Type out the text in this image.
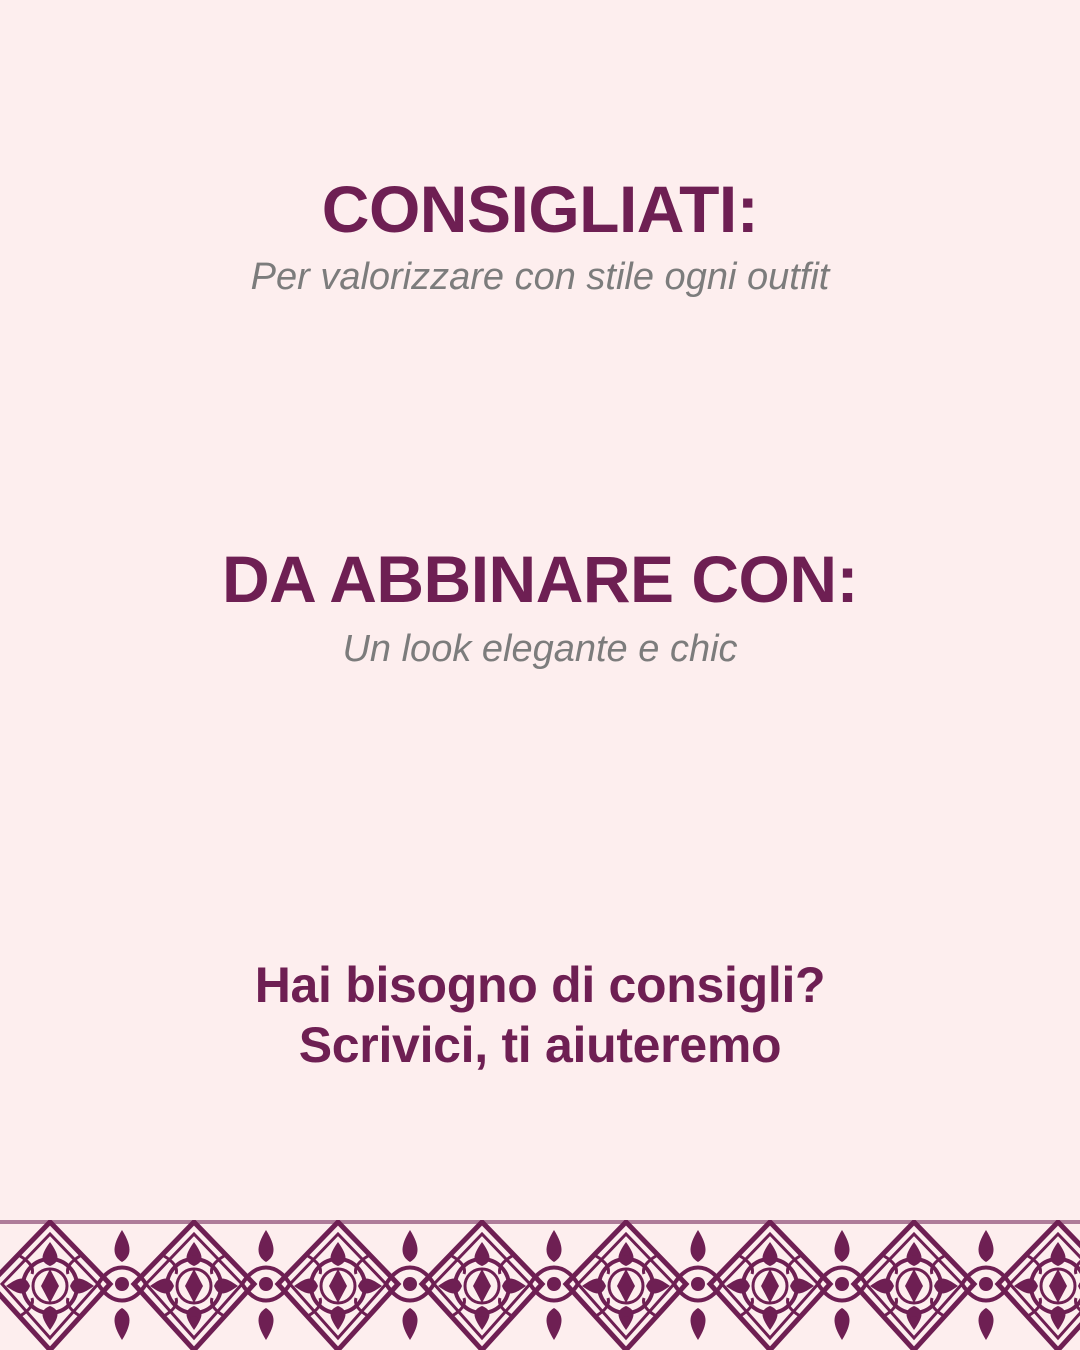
CONSIGLIATI:

Per valorizzare con stile ogni outfit

DA ABBINARE CON:

Un look elegante e chic

Hai bisogno di consigli?

Scrivici, ti aiuteremo
